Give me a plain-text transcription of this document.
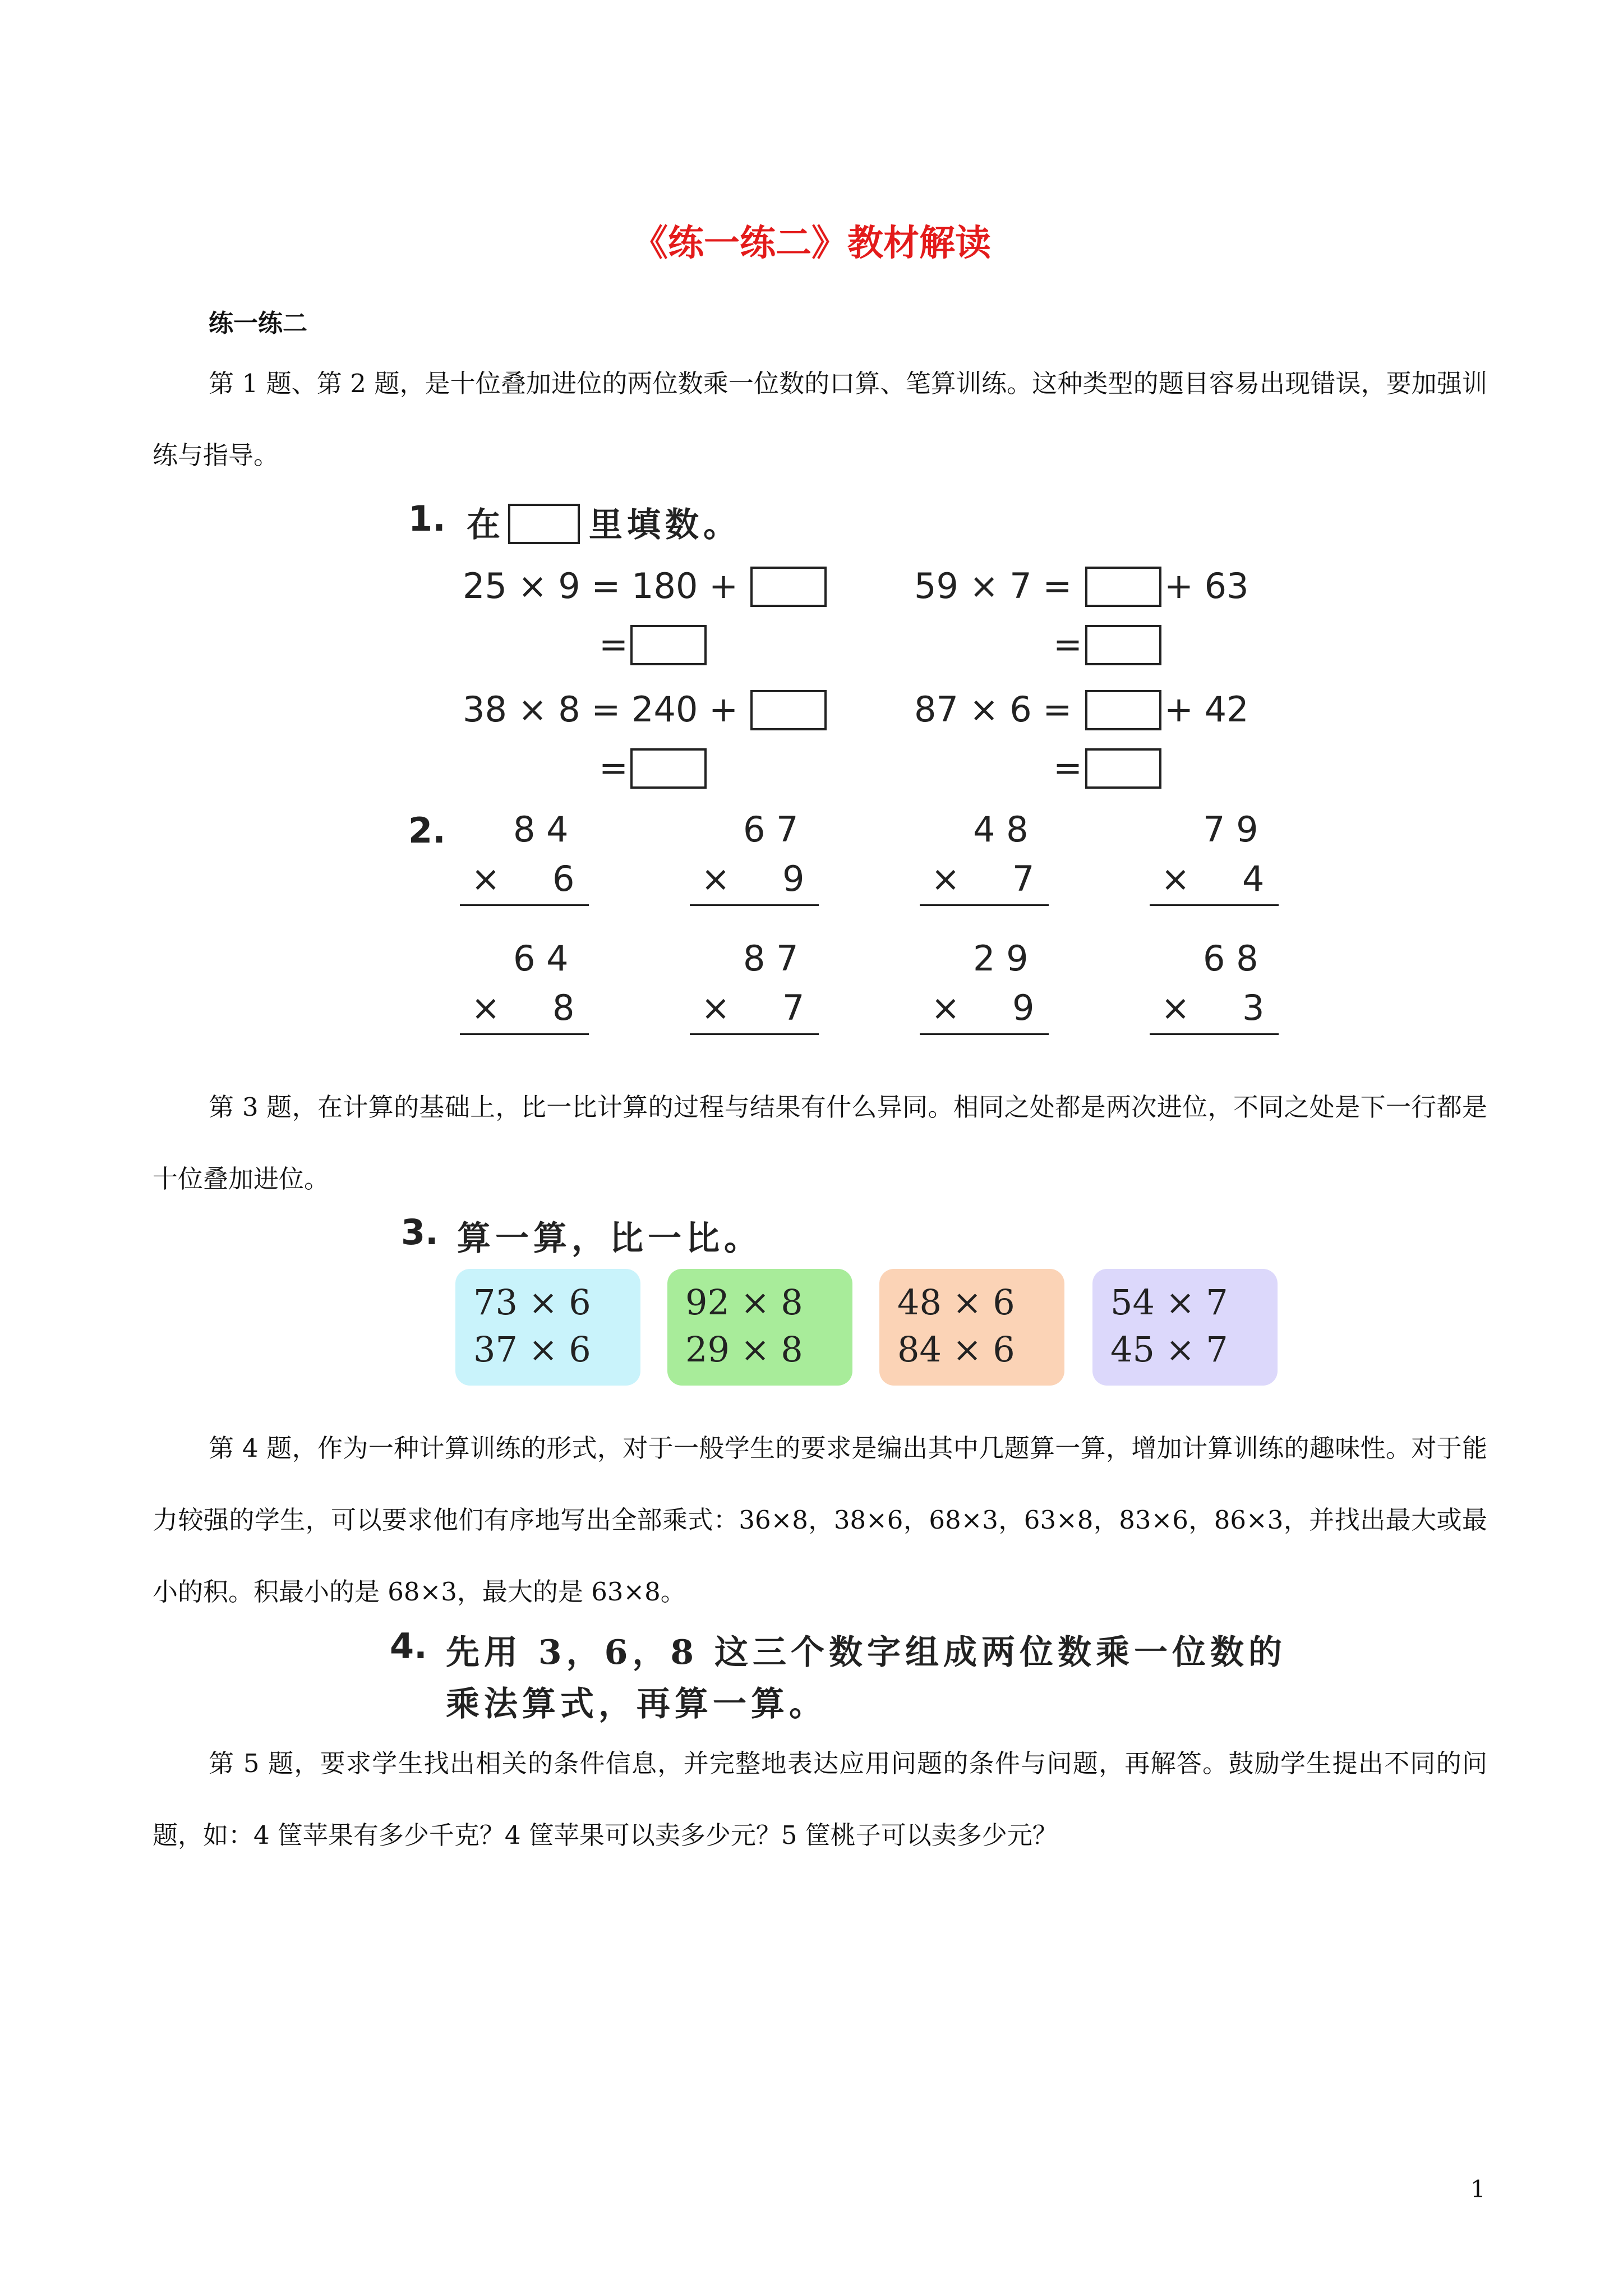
《练一练二》教材解读
练一练二
第 1 题、第 2 题，是十位叠加进位的两位数乘一位数的口算、笔算训练。这种类型的题目容易出现错误，要加强训练与指导。
1. 在	里填数。
25 × 9 = 180 +
=
59 × 7 =	+ 63
=
38 × 8 = 240 +
=
87 × 6 =	+ 42
=
2. 8 4
× 6
6 7
× 9
4 8
× 7
7 9
× 4
6 4
× 8
8 7
× 7
2 9
× 9
6 8
× 3
第 3 题，在计算的基础上，比一比计算的过程与结果有什么异同。相同之处都是两次进位，不同之处是下一行都是十位叠加进位。
3. 算一算，比一比。
73 × 6
37 × 6
92 × 8
29 × 8
48 × 6
84 × 6
54 × 7
45 × 7
第 4 题，作为一种计算训练的形式，对于一般学生的要求是编出其中几题算一算，增加计算训练的趣味性。对于能力较强的学生，可以要求他们有序地写出全部乘式：36×8，38×6，68×3，63×8，83×6，86×3，并找出最大或最小的积。积最小的是 68×3，最大的是 63×8。
4. 先用 3，6，8 这三个数字组成两位数乘一位数的
乘法算式，再算一算。
第 5 题，要求学生找出相关的条件信息，并完整地表达应用问题的条件与问题，再解答。鼓励学生提出不同的问题，如：4 筐苹果有多少千克？4 筐苹果可以卖多少元？5 筐桃子可以卖多少元？
1
